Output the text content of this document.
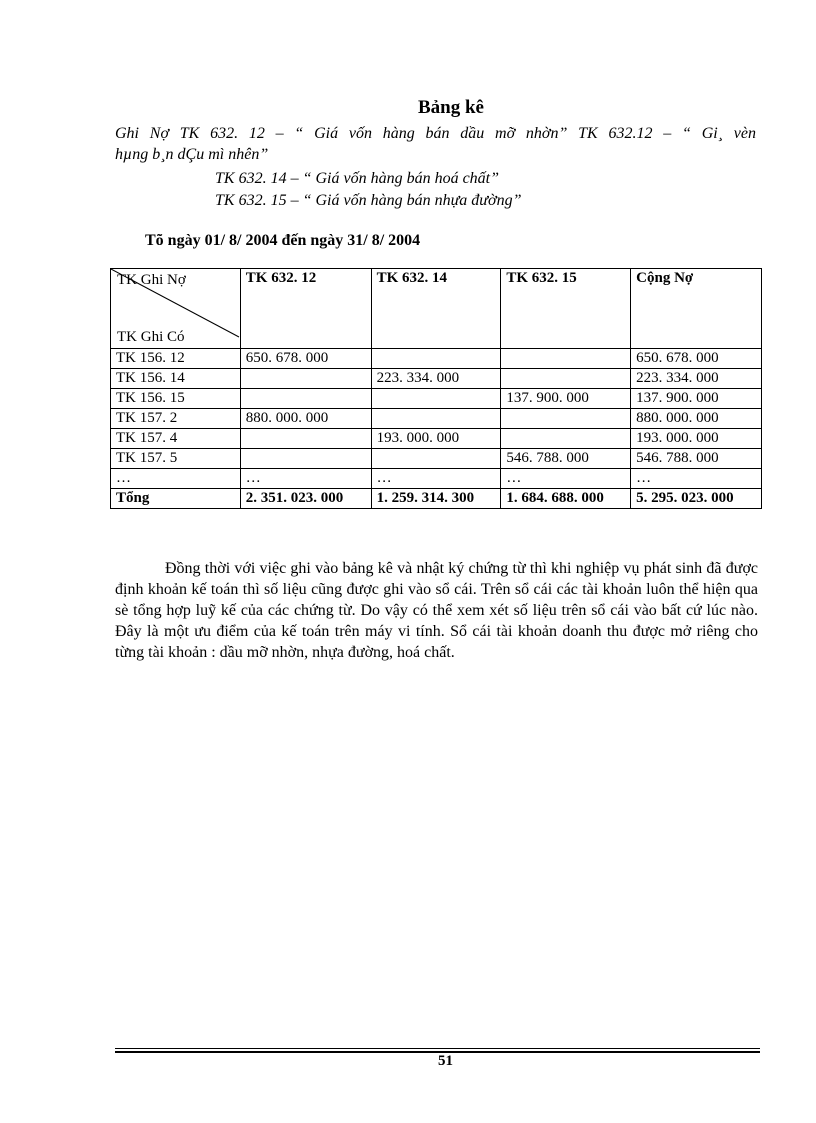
Bảng kê
Ghi Nợ TK 632. 12 – “ Giá vốn hàng bán dầu mỡ nhờn” TK 632.12 – “ Gi¸ vèn
hµng b¸n dÇu mì nhên”
TK 632. 14 – “ Giá vốn hàng bán hoá chất”
TK 632. 15 – “ Giá vốn hàng bán nhựa đường”
Tõ ngày 01/ 8/ 2004 đến ngày 31/ 8/ 2004
TK Ghi Nợ
TK Ghi Có	TK 632. 12	TK 632. 14	TK 632. 15	Cộng Nợ
TK 156. 12	650. 678. 000			650. 678. 000
TK 156. 14		223. 334. 000		223. 334. 000
TK 156. 15			137. 900. 000	137. 900. 000
TK 157. 2	880. 000. 000			880. 000. 000
TK 157. 4		193. 000. 000		193. 000. 000
TK 157. 5			546. 788. 000	546. 788. 000
…	…	…	…	…
Tổng	2. 351. 023. 000	1. 259. 314. 300	1. 684. 688. 000	5. 295. 023. 000
Đồng thời với việc ghi vào bảng kê và nhật ký chứng từ thì khi nghiệp vụ phát sinh đã được định khoản kế toán thì số liệu cũng được ghi vào sổ cái. Trên sổ cái các tài khoản luôn thể hiện qua sè tổng hợp luỹ kế của các chứng từ. Do vậy có thể xem xét số liệu trên sổ cái vào bất cứ lúc nào. Đây là một ưu điểm của kế toán trên máy vi tính. Sổ cái tài khoản doanh thu được mở riêng cho từng tài khoản : dầu mỡ nhờn, nhựa đường, hoá chất.
51
